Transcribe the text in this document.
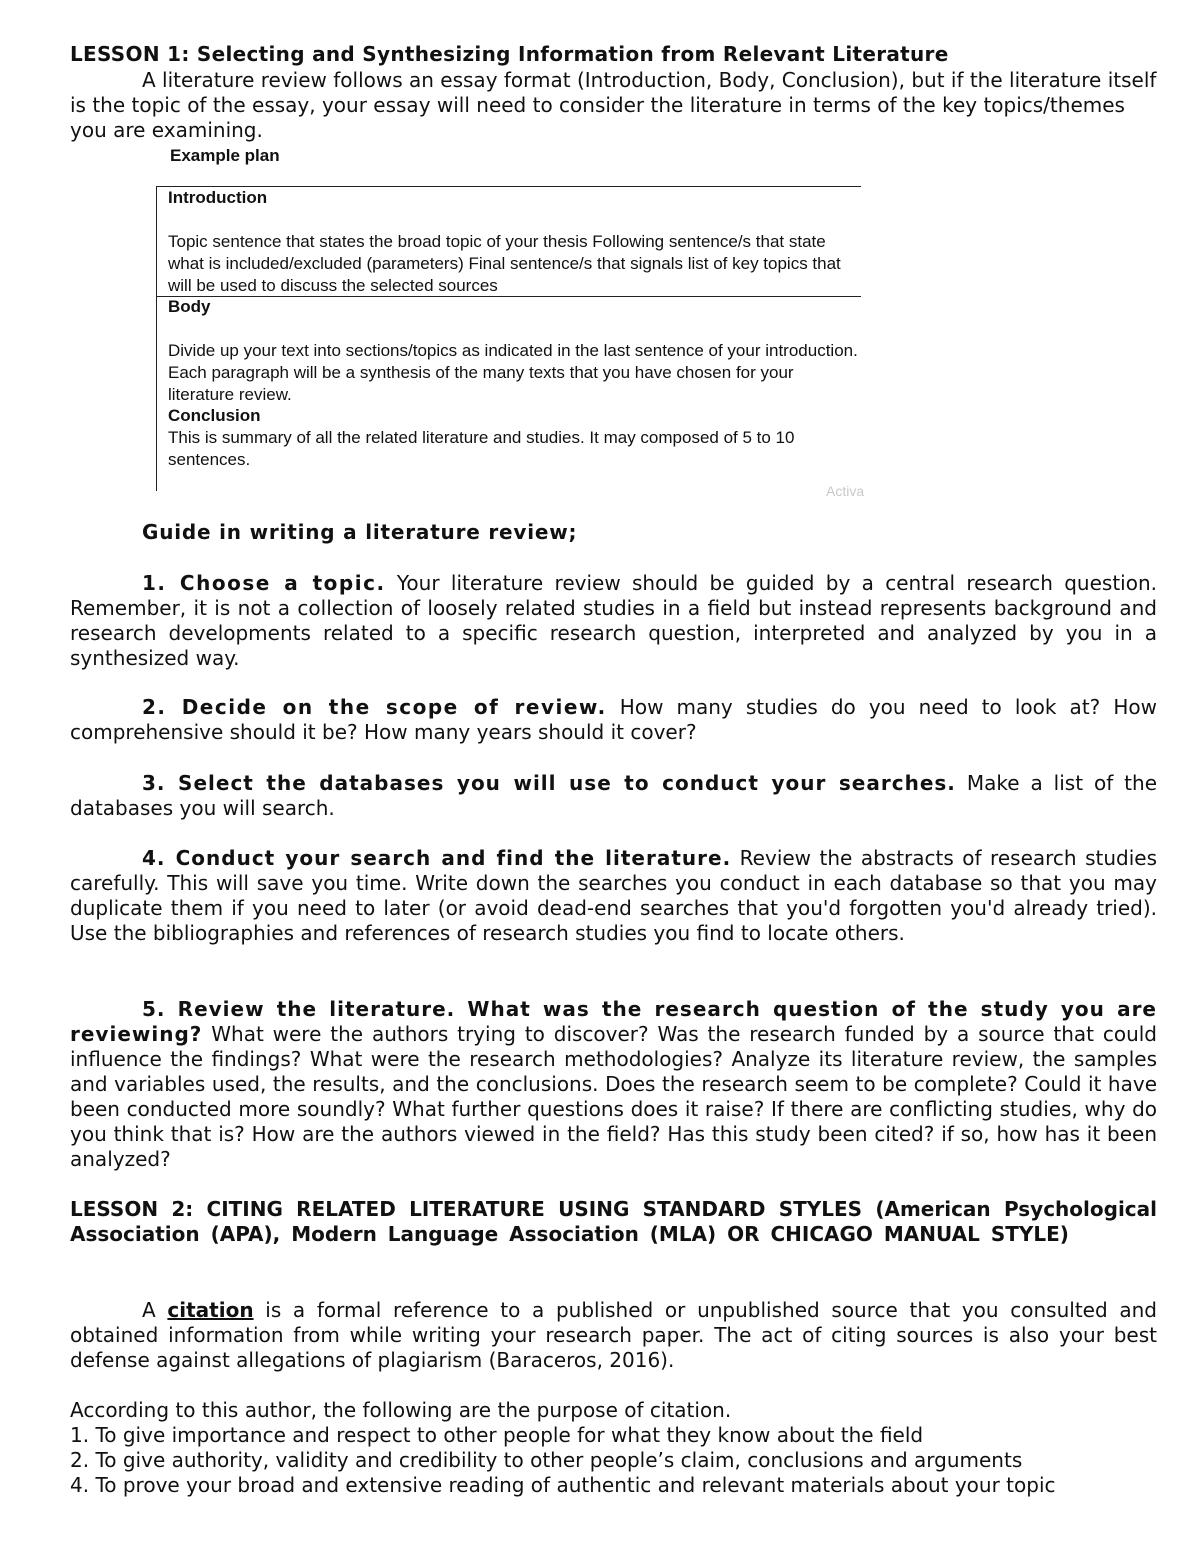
LESSON 1: Selecting and Synthesizing Information from Relevant Literature

A literature review follows an essay format (Introduction, Body, Conclusion), but if the literature itself is the topic of the essay, your essay will need to consider the literature in terms of the key topics/themes you are examining.

Example plan
Introduction
Topic sentence that states the broad topic of your thesis Following sentence/s that state what is included/excluded (parameters) Final sentence/s that signals list of key topics that will be used to discuss the selected sources
Body
Divide up your text into sections/topics as indicated in the last sentence of your introduction. Each paragraph will be a synthesis of the many texts that you have chosen for your literature review.
Conclusion
This is summary of all the related literature and studies. It may composed of 5 to 10 sentences.
Activa
Guide in writing a literature review;

1. Choose a topic. Your literature review should be guided by a central research question. Remember, it is not a collection of loosely related studies in a field but instead represents background and research developments related to a specific research question, interpreted and analyzed by you in a synthesized way.

2. Decide on the scope of review. How many studies do you need to look at? How comprehensive should it be? How many years should it cover?

3. Select the databases you will use to conduct your searches. Make a list of the databases you will search.

4. Conduct your search and find the literature. Review the abstracts of research studies carefully. This will save you time. Write down the searches you conduct in each database so that you may duplicate them if you need to later (or avoid dead-end searches that you'd forgotten you'd already tried). Use the bibliographies and references of research studies you find to locate others.

5. Review the literature. What was the research question of the study you are reviewing? What were the authors trying to discover? Was the research funded by a source that could influence the findings? What were the research methodologies? Analyze its literature review, the samples and variables used, the results, and the conclusions. Does the research seem to be complete? Could it have been conducted more soundly? What further questions does it raise? If there are conflicting studies, why do you think that is? How are the authors viewed in the field? Has this study been cited? if so, how has it been analyzed?

LESSON 2: CITING RELATED LITERATURE USING STANDARD STYLES (American Psychological Association (APA), Modern Language Association (MLA) OR CHICAGO MANUAL STYLE)

A citation is a formal reference to a published or unpublished source that you consulted and obtained information from while writing your research paper. The act of citing sources is also your best defense against allegations of plagiarism (Baraceros, 2016).

According to this author, the following are the purpose of citation.

1. To give importance and respect to other people for what they know about the field

2. To give authority, validity and credibility to other people’s claim, conclusions and arguments

4. To prove your broad and extensive reading of authentic and relevant materials about your topic
